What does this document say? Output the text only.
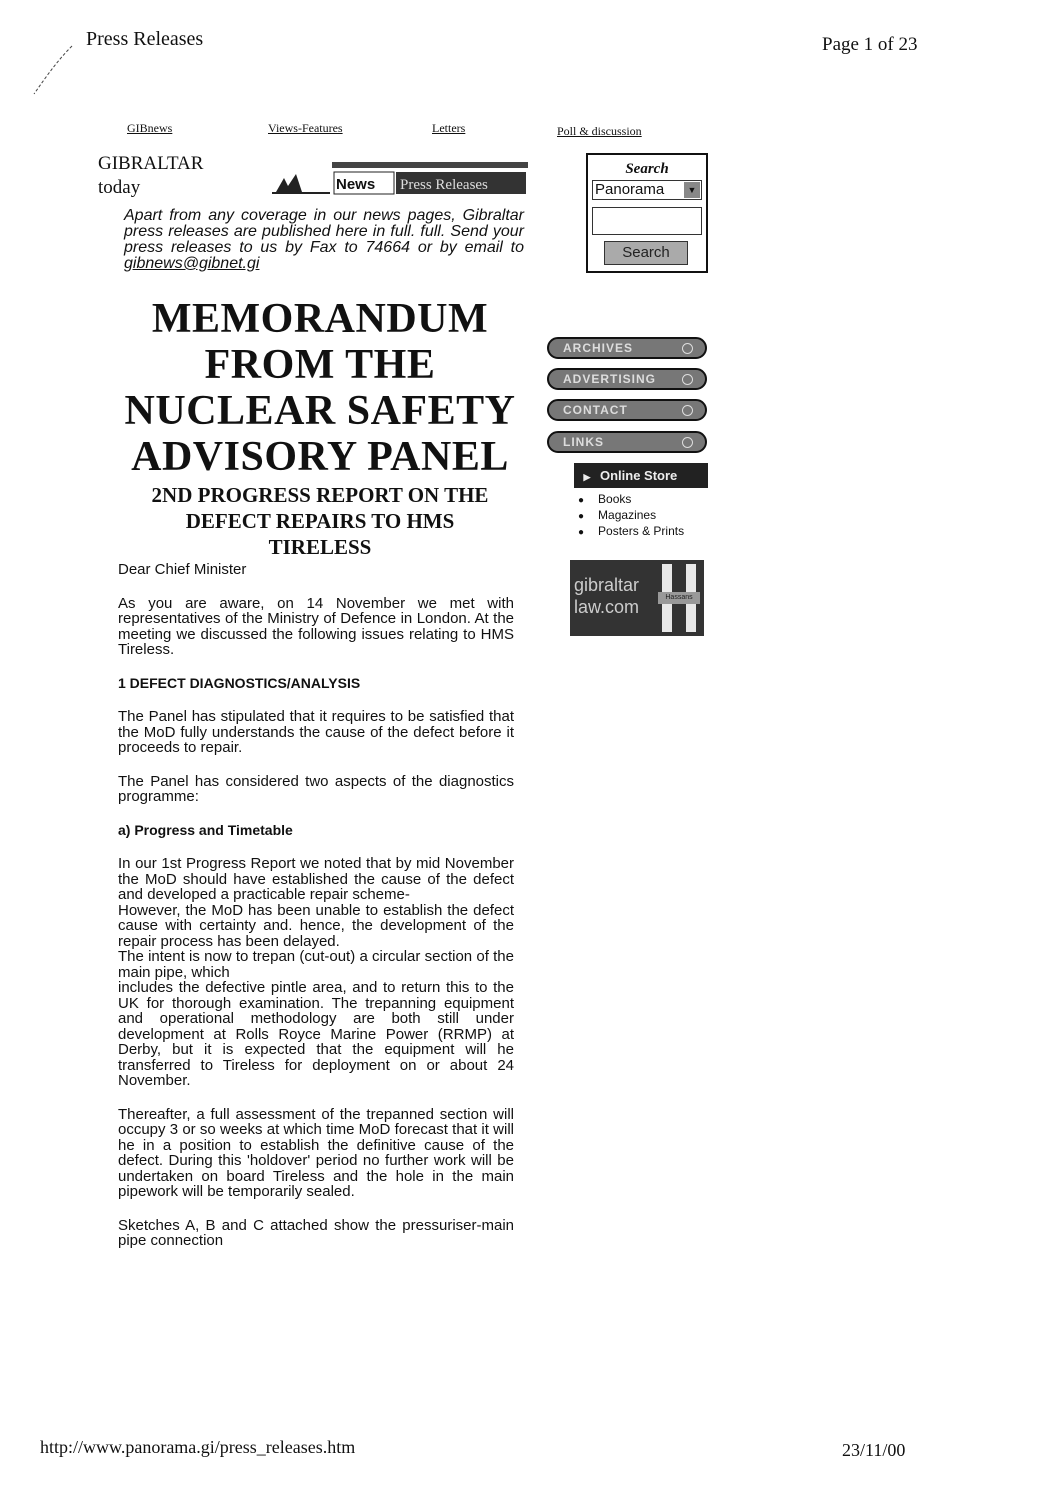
Press Releases	Page 1 of 23
GIBnews	Views-Features	Letters	Poll & discussion
GIBRALTAR
today	News Press Releases
Apart from any coverage in our news pages, Gibraltar press releases are published here in full. full. Send your press releases to us by Fax to 74664 or by email to gibnews@gibnet.gi
MEMORANDUM
FROM THE
NUCLEAR SAFETY
ADVISORY PANEL
2ND PROGRESS REPORT ON THE
DEFECT REPAIRS TO HMS
TIRELESS

Dear Chief Minister

As you are aware, on 14 November we met with representatives of the Ministry of Defence in London. At the meeting we discussed the following issues relating to HMS Tireless.

1 DEFECT DIAGNOSTICS/ANALYSIS

The Panel has stipulated that it requires to be satisfied that the MoD fully understands the cause of the defect before it proceeds to repair.

The Panel has considered two aspects of the diagnostics programme:

a) Progress and Timetable

In our 1st Progress Report we noted that by mid November the MoD should have established the cause of the defect and developed a practicable repair scheme-

However, the MoD has been unable to establish the defect cause with certainty and. hence, the development of the repair process has been delayed.

The intent is now to trepan (cut-out) a circular section of the main pipe, which

includes the defective pintle area, and to return this to the UK for thorough examination. The trepanning equipment and operational methodology are both still under development at Rolls Royce Marine Power (RRMP) at Derby, but it is expected that the equipment will he transferred to Tireless for deployment on or about 24 November.

Thereafter, a full assessment of the trepanned section will occupy 3 or so weeks at which time MoD forecast that it will he in a position to establish the definitive cause of the defect. During this 'holdover' period no further work will be undertaken on board Tireless and the hole in the main pipework will be temporarily sealed.

Sketches A, B and C attached show the pressuriser-main pipe connection

Search
Panorama	▼
Search
ARCHIVES
ADVERTISING
CONTACT
LINKS
▶ Online Store
● Books
● Magazines
● Posters & Prints
gibraltar
law.com	Hassans
http://www.panorama.gi/press_releases.htm	23/11/00
